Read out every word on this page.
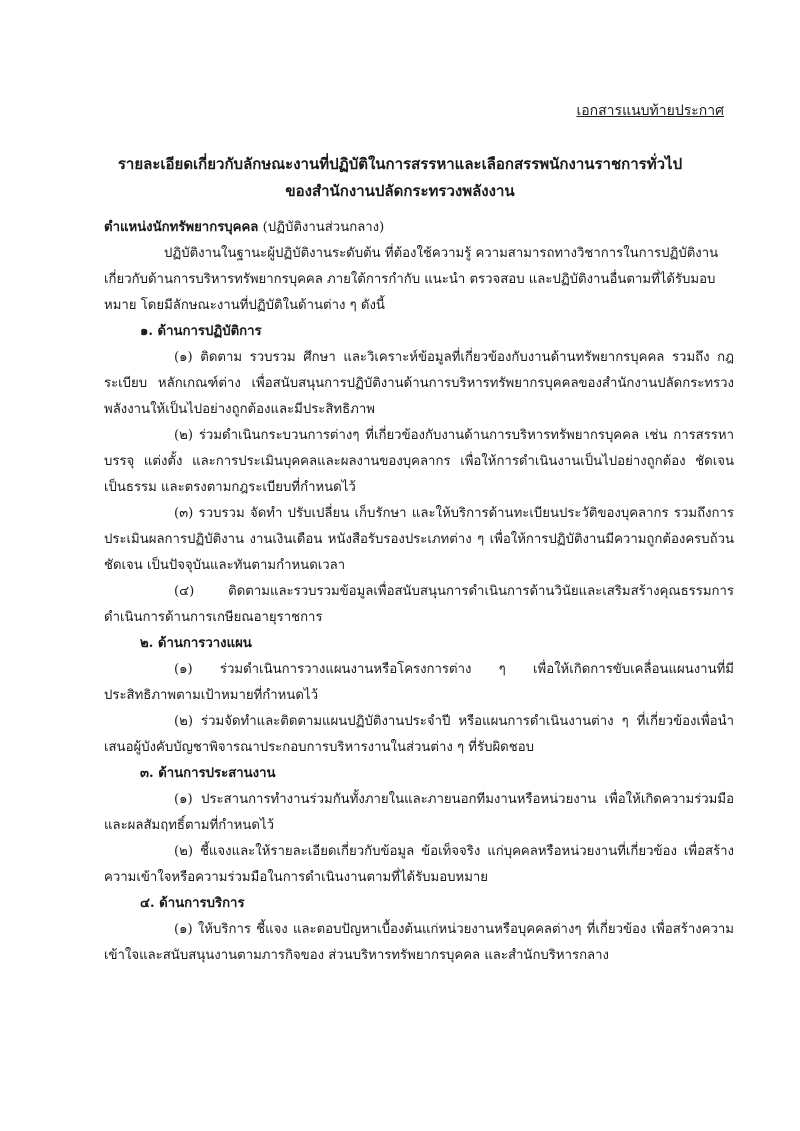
เอกสารแนบท้ายประกาศ
รายละเอียดเกี่ยวกับลักษณะงานที่ปฏิบัติในการสรรหาและเลือกสรรพนักงานราชการทั่วไป
ของสำนักงานปลัดกระทรวงพลังงาน

ตำแหน่งนักทรัพยากรบุคคล (ปฏิบัติงานส่วนกลาง)

ปฏิบัติงานในฐานะผู้ปฏิบัติงานระดับต้น ที่ต้องใช้ความรู้ ความสามารถทางวิชาการในการปฏิบัติงานเกี่ยวกับด้านการบริหารทรัพยากรบุคคล ภายใต้การกำกับ แนะนำ ตรวจสอบ และปฏิบัติงานอื่นตามที่ได้รับมอบหมาย โดยมีลักษณะงานที่ปฏิบัติในด้านต่าง ๆ ดังนี้

๑. ด้านการปฏิบัติการ

(๑) ติดตาม รวบรวม ศึกษา และวิเคราะห์ข้อมูลที่เกี่ยวข้องกับงานด้านทรัพยากรบุคคล รวมถึง กฎ ระเบียบ หลักเกณฑ์ต่าง เพื่อสนับสนุนการปฏิบัติงานด้านการบริหารทรัพยากรบุคคลของสำนักงานปลัดกระทรวงพลังงานให้เป็นไปอย่างถูกต้องและมีประสิทธิภาพ

(๒) ร่วมดำเนินกระบวนการต่างๆ ที่เกี่ยวข้องกับงานด้านการบริหารทรัพยากรบุคคล เช่น การสรรหา บรรจุ แต่งตั้ง และการประเมินบุคคลและผลงานของบุคลากร เพื่อให้การดำเนินงานเป็นไปอย่างถูกต้อง ชัดเจน เป็นธรรม และตรงตามกฎระเบียบที่กำหนดไว้

(๓) รวบรวม จัดทำ ปรับเปลี่ยน เก็บรักษา และให้บริการด้านทะเบียนประวัติของบุคลากร รวมถึงการประเมินผลการปฏิบัติงาน งานเงินเดือน หนังสือรับรองประเภทต่าง ๆ เพื่อให้การปฏิบัติงานมีความถูกต้องครบถ้วน ชัดเจน เป็นปัจจุบันและทันตามกำหนดเวลา

(๔) ติดตามและรวบรวมข้อมูลเพื่อสนับสนุนการดำเนินการด้านวินัยและเสริมสร้างคุณธรรมการดำเนินการด้านการเกษียณอายุราชการ

๒. ด้านการวางแผน

(๑) ร่วมดำเนินการวางแผนงานหรือโครงการต่าง ๆ เพื่อให้เกิดการขับเคลื่อนแผนงานที่มีประสิทธิภาพตามเป้าหมายที่กำหนดไว้

(๒) ร่วมจัดทำและติดตามแผนปฏิบัติงานประจำปี หรือแผนการดำเนินงานต่าง ๆ ที่เกี่ยวข้องเพื่อนำเสนอผู้บังคับบัญชาพิจารณาประกอบการบริหารงานในส่วนต่าง ๆ ที่รับผิดชอบ

๓. ด้านการประสานงาน

(๑) ประสานการทำงานร่วมกันทั้งภายในและภายนอกทีมงานหรือหน่วยงาน เพื่อให้เกิดความร่วมมือและผลสัมฤทธิ์ตามที่กำหนดไว้

(๒) ชี้แจงและให้รายละเอียดเกี่ยวกับข้อมูล ข้อเท็จจริง แก่บุคคลหรือหน่วยงานที่เกี่ยวข้อง เพื่อสร้างความเข้าใจหรือความร่วมมือในการดำเนินงานตามที่ได้รับมอบหมาย

๔. ด้านการบริการ

(๑) ให้บริการ ชี้แจง และตอบปัญหาเบื้องต้นแก่หน่วยงานหรือบุคคลต่างๆ ที่เกี่ยวข้อง เพื่อสร้างความเข้าใจและสนับสนุนงานตามภารกิจของ ส่วนบริหารทรัพยากรบุคคล และสำนักบริหารกลาง
